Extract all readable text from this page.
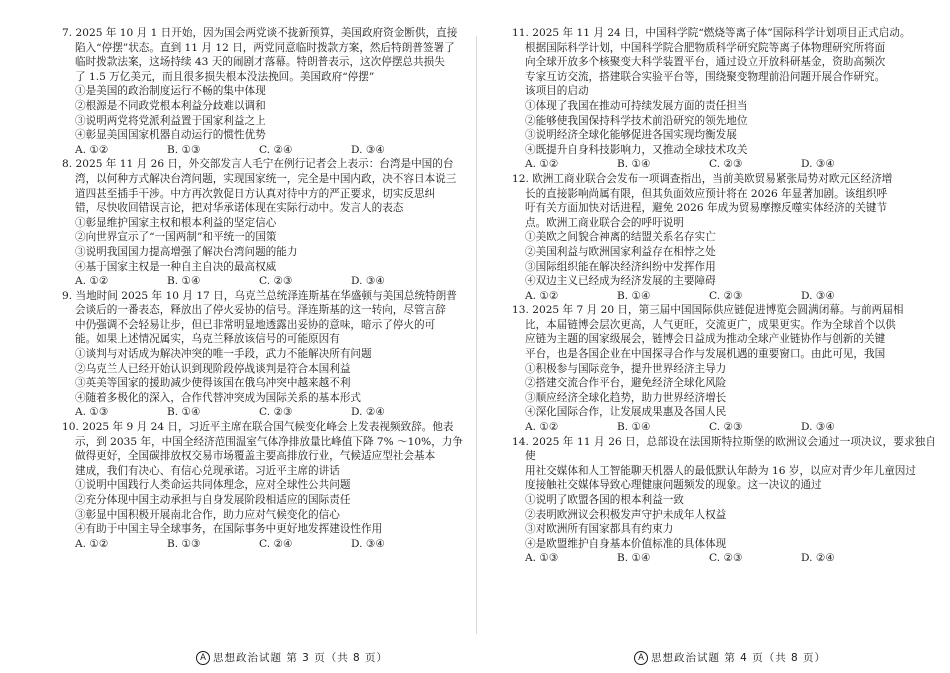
7. 2025 年 10 月 1 日开始，因为国会两党谈不拢新预算，美国政府资金断供，直接
陷入“停摆”状态。直到 11 月 12 日，两党同意临时拨款方案，然后特朗普签署了
临时拨款法案，这场持续 43 天的闹剧才落幕。特朗普表示，这次停摆总共损失
了 1.5 万亿美元，而且很多损失根本没法挽回。美国政府“停摆”
①是美国的政治制度运行不畅的集中体现
②根源是不同政党根本利益分歧难以调和
③说明两党将党派利益置于国家利益之上
④彰显美国国家机器自动运行的惯性优势
A. ①②	B. ①③	C. ②④	D. ③④
8. 2025 年 11 月 26 日，外交部发言人毛宁在例行记者会上表示：台湾是中国的台
湾，以何种方式解决台湾问题，实现国家统一，完全是中国内政，决不容日本说三
道四甚至插手干涉。中方再次敦促日方认真对待中方的严正要求，切实反思纠
错，尽快收回错误言论，把对华承诺体现在实际行动中。发言人的表态
①彰显维护国家主权和根本利益的坚定信心
②向世界宣示了“一国两制”和平统一的国策
③说明我国国力提高增强了解决台湾问题的能力
④基于国家主权是一种自主自决的最高权威
A. ①②	B. ①④	C. ②③	D. ③④
9. 当地时间 2025 年 10 月 17 日，乌克兰总统泽连斯基在华盛顿与美国总统特朗普
会谈后的一番表态，释放出了停火妥协的信号。泽连斯基的这一转向，尽管言辞
中仍强调不会轻易让步，但已非常明显地透露出妥协的意味，暗示了停火的可
能。如果上述情况属实，乌克兰释放该信号的可能原因有
①谈判与对话成为解决冲突的唯一手段，武力不能解决所有问题
②乌克兰人已经开始认识到现阶段停战谈判是符合本国利益
③英美等国家的援助减少使得该国在俄乌冲突中越来越不利
④随着多极化的深入，合作代替冲突成为国际关系的基本形式
A. ①③	B. ①④	C. ②③	D. ②④
10. 2025 年 9 月 24 日，习近平主席在联合国气候变化峰会上发表视频致辞。他表
示，到 2035 年，中国全经济范围温室气体净排放量比峰值下降 7% ～10%，力争
做得更好，全国碳排放权交易市场覆盖主要高排放行业，气候适应型社会基本
建成，我们有决心、有信心兑现承诺。习近平主席的讲话
①说明中国践行人类命运共同体理念，应对全球性公共问题
②充分体现中国主动承担与自身发展阶段相适应的国际责任
③彰显中国积极开展南北合作，助力应对气候变化的信心
④有助于中国主导全球事务，在国际事务中更好地发挥建设性作用
A. ①②	B. ①③	C. ②④	D. ③④
11. 2025 年 11 月 24 日，中国科学院“燃烧等离子体”国际科学计划项目正式启动。
根据国际科学计划，中国科学院合肥物质科学研究院等离子体物理研究所将面
向全球开放多个核聚变大科学装置平台，通过设立开放科研基金，资助高频次
专家互访交流，搭建联合实验平台等，围绕聚变物理前沿问题开展合作研究。
该项目的启动
①体现了我国在推动可持续发展方面的责任担当
②能够使我国保持科学技术前沿研究的领先地位
③说明经济全球化能够促进各国实现均衡发展
④既提升自身科技影响力，又推动全球技术攻关
A. ①②	B. ①④	C. ②③	D. ③④
12. 欧洲工商业联合会发布一项调查指出，当前美欧贸易紧张局势对欧元区经济增
长的直接影响尚属有限，但其负面效应预计将在 2026 年显著加剧。该组织呼
吁有关方面加快对话进程，避免 2026 年成为贸易摩擦反噬实体经济的关键节
点。欧洲工商业联合会的呼吁说明
①美欧之间貌合神离的结盟关系名存实亡
②美国利益与欧洲国家利益存在相悖之处
③国际组织能在解决经济纠纷中发挥作用
④双边主义已经成为经济发展的主要障碍
A. ①②	B. ①④	C. ②③	D. ③④
13. 2025 年 7 月 20 日，第三届中国国际供应链促进博览会圆满闭幕。与前两届相
比，本届链博会层次更高，人气更旺，交流更广，成果更实。作为全球首个以供
应链为主题的国家级展会，链博会日益成为推动全球产业链协作与创新的关键
平台，也是各国企业在中国探寻合作与发展机遇的重要窗口。由此可见，我国
①积极参与国际竞争，提升世界经济主导力
②搭建交流合作平台，避免经济全球化风险
③顺应经济全球化趋势，助力世界经济增长
④深化国际合作，让发展成果惠及各国人民
A. ①②	B. ①④	C. ②③	D. ③④
14. 2025 年 11 月 26 日，总部设在法国斯特拉斯堡的欧洲议会通过一项决议，要求独自使
用社交媒体和人工智能聊天机器人的最低默认年龄为 16 岁，以应对青少年儿童因过
度接触社交媒体导致心理健康问题频发的现象。这一决议的通过
①说明了欧盟各国的根本利益一致
②表明欧洲议会积极发声守护未成年人权益
③对欧洲所有国家都具有约束力
④是欧盟维护自身基本价值标准的具体体现
A. ①③	B. ①④	C. ②③	D. ②④
A 思想政治试题 第 3 页（共 8 页）	A 思想政治试题 第 4 页（共 8 页）
